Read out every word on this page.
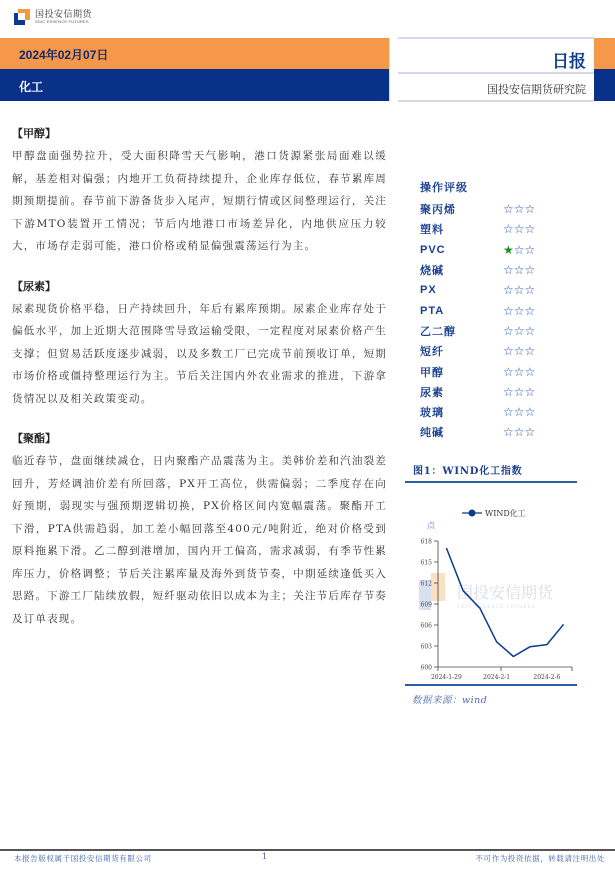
国投安信期货
SDIC ESSENCE FUTURES
2024年02月07日
化工
日报
国投安信期货研究院
【甲醇】
甲醇盘面强势拉升，受大面积降雪天气影响，港口货源紧张局面难以缓解，基差相对偏强；内地开工负荷持续提升，企业库存低位，春节累库周期预期提前。春节前下游备货步入尾声，短期行情或区间整理运行，关注下游MTO装置开工情况；节后内地港口市场差异化，内地供应压力较大，市场存走弱可能，港口价格或稍显偏强震荡运行为主。
【尿素】
尿素现货价格平稳，日产持续回升，年后有累库预期。尿素企业库存处于偏低水平，加上近期大范围降雪导致运输受限，一定程度对尿素价格产生支撑；但贸易活跃度逐步减弱，以及多数工厂已完成节前预收订单，短期市场价格或僵持整理运行为主。节后关注国内外农业需求的推进，下游拿货情况以及相关政策变动。
【聚酯】
临近春节，盘面继续减仓，日内聚酯产品震荡为主。美韩价差和汽油裂差回升，芳烃调油价差有所回落，PX开工高位，供需偏弱；二季度存在向好预期，弱现实与强预期逻辑切换，PX价格区间内宽幅震荡。聚酯开工下滑，PTA供需趋弱，加工差小幅回落至400元/吨附近，绝对价格受到原料拖累下滑。乙二醇到港增加，国内开工偏高，需求减弱，有季节性累库压力，价格调整；节后关注累库量及海外到货节奏，中期延续逢低买入思路。下游工厂陆续放假，短纤驱动依旧以成本为主；关注节后库存节奏及订单表现。
操作评级
聚丙烯	☆☆☆
塑料	☆☆☆
PVC	★☆☆
烧碱	☆☆☆
PX	☆☆☆
PTA	☆☆☆
乙二醇	☆☆☆
短纤	☆☆☆
甲醇	☆☆☆
尿素	☆☆☆
玻璃	☆☆☆
纯碱	☆☆☆
图1：WIND化工指数
国投安信期货
SDIC ESSENCE FUTURES
WIND化工
点
618
615
612
609
606
603
600
2024-1-29	2024-2-1	2024-2-6
数据来源：wind
本报告版权属于国投安信期货有限公司	1	不可作为投资依据，转载请注明出处
